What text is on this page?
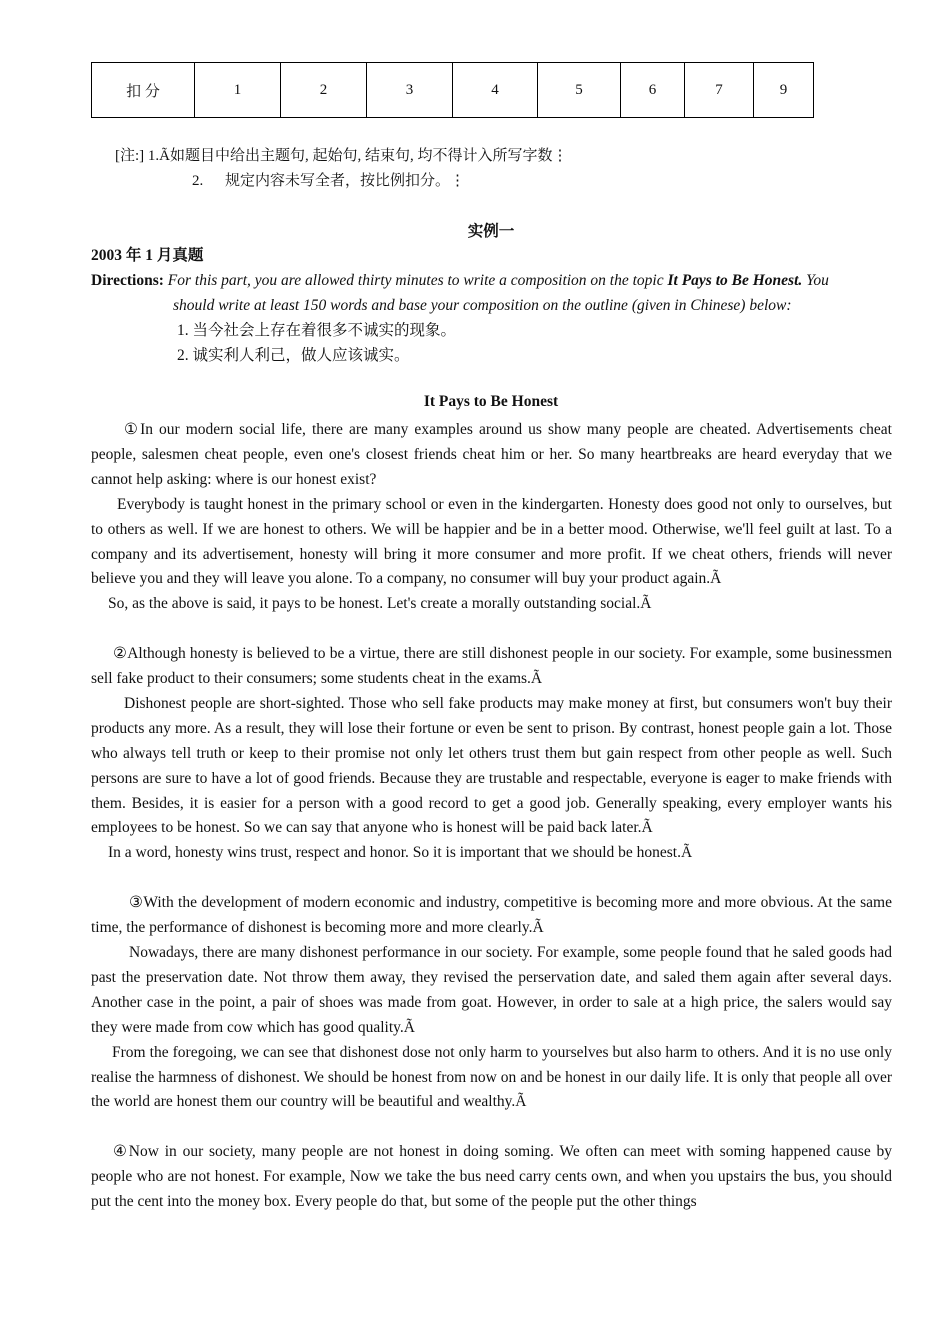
扣 分	1	2	3	4	5	6	7	9
[注:] 1.Ã如题目中给出主题句, 起始句, 结束句, 均不得计入所写字数⋮
2. 规定内容未写全者，按比例扣分。⋮
实例一
2003 年 1 月真题
Directions: For this part, you are allowed thirty minutes to write a composition on the topic It Pays to Be Honest. You
should write at least 150 words and base your composition on the outline (given in Chinese) below:
1. 当今社会上存在着很多不诚实的现象。
2. 诚实利人利己，做人应该诚实。
It Pays to Be Honest

①In our modern social life, there are many examples around us show many people are cheated. Advertisements cheat people, salesmen cheat people, even one's closest friends cheat him or her. So many heartbreaks are heard everyday that we cannot help asking: where is our honest exist?

Everybody is taught honest in the primary school or even in the kindergarten. Honesty does good not only to ourselves, but to others as well. If we are honest to others. We will be happier and be in a better mood. Otherwise, we'll feel guilt at last. To a company and its advertisement, honesty will bring it more consumer and more profit. If we cheat others, friends will never believe you and they will leave you alone. To a company, no consumer will buy your product again.Ã

So, as the above is said, it pays to be honest. Let's create a morally outstanding social.Ã

②Although honesty is believed to be a virtue, there are still dishonest people in our society. For example, some businessmen sell fake product to their consumers; some students cheat in the exams.Ã

Dishonest people are short-sighted. Those who sell fake products may make money at first, but consumers won't buy their products any more. As a result, they will lose their fortune or even be sent to prison. By contrast, honest people gain a lot. Those who always tell truth or keep to their promise not only let others trust them but gain respect from other people as well. Such persons are sure to have a lot of good friends. Because they are trustable and respectable, everyone is eager to make friends with them. Besides, it is easier for a person with a good record to get a good job. Generally speaking, every employer wants his employees to be honest. So we can say that anyone who is honest will be paid back later.Ã

In a word, honesty wins trust, respect and honor. So it is important that we should be honest.Ã

③With the development of modern economic and industry, competitive is becoming more and more obvious. At the same time, the performance of dishonest is becoming more and more clearly.Ã

Nowadays, there are many dishonest performance in our society. For example, some people found that he saled goods had past the preservation date. Not throw them away, they revised the perservation date, and saled them again after several days. Another case in the point, a pair of shoes was made from goat. However, in order to sale at a high price, the salers would say they were made from cow which has good quality.Ã

From the foregoing, we can see that dishonest dose not only harm to yourselves but also harm to others. And it is no use only realise the harmness of dishonest. We should be honest from now on and be honest in our daily life. It is only that people all over the world are honest them our country will be beautiful and wealthy.Ã

④Now in our society, many people are not honest in doing soming. We often can meet with soming happened cause by people who are not honest. For example, Now we take the bus need carry cents own, and when you upstairs the bus, you should put the cent into the money box. Every people do that, but some of the people put the other things
